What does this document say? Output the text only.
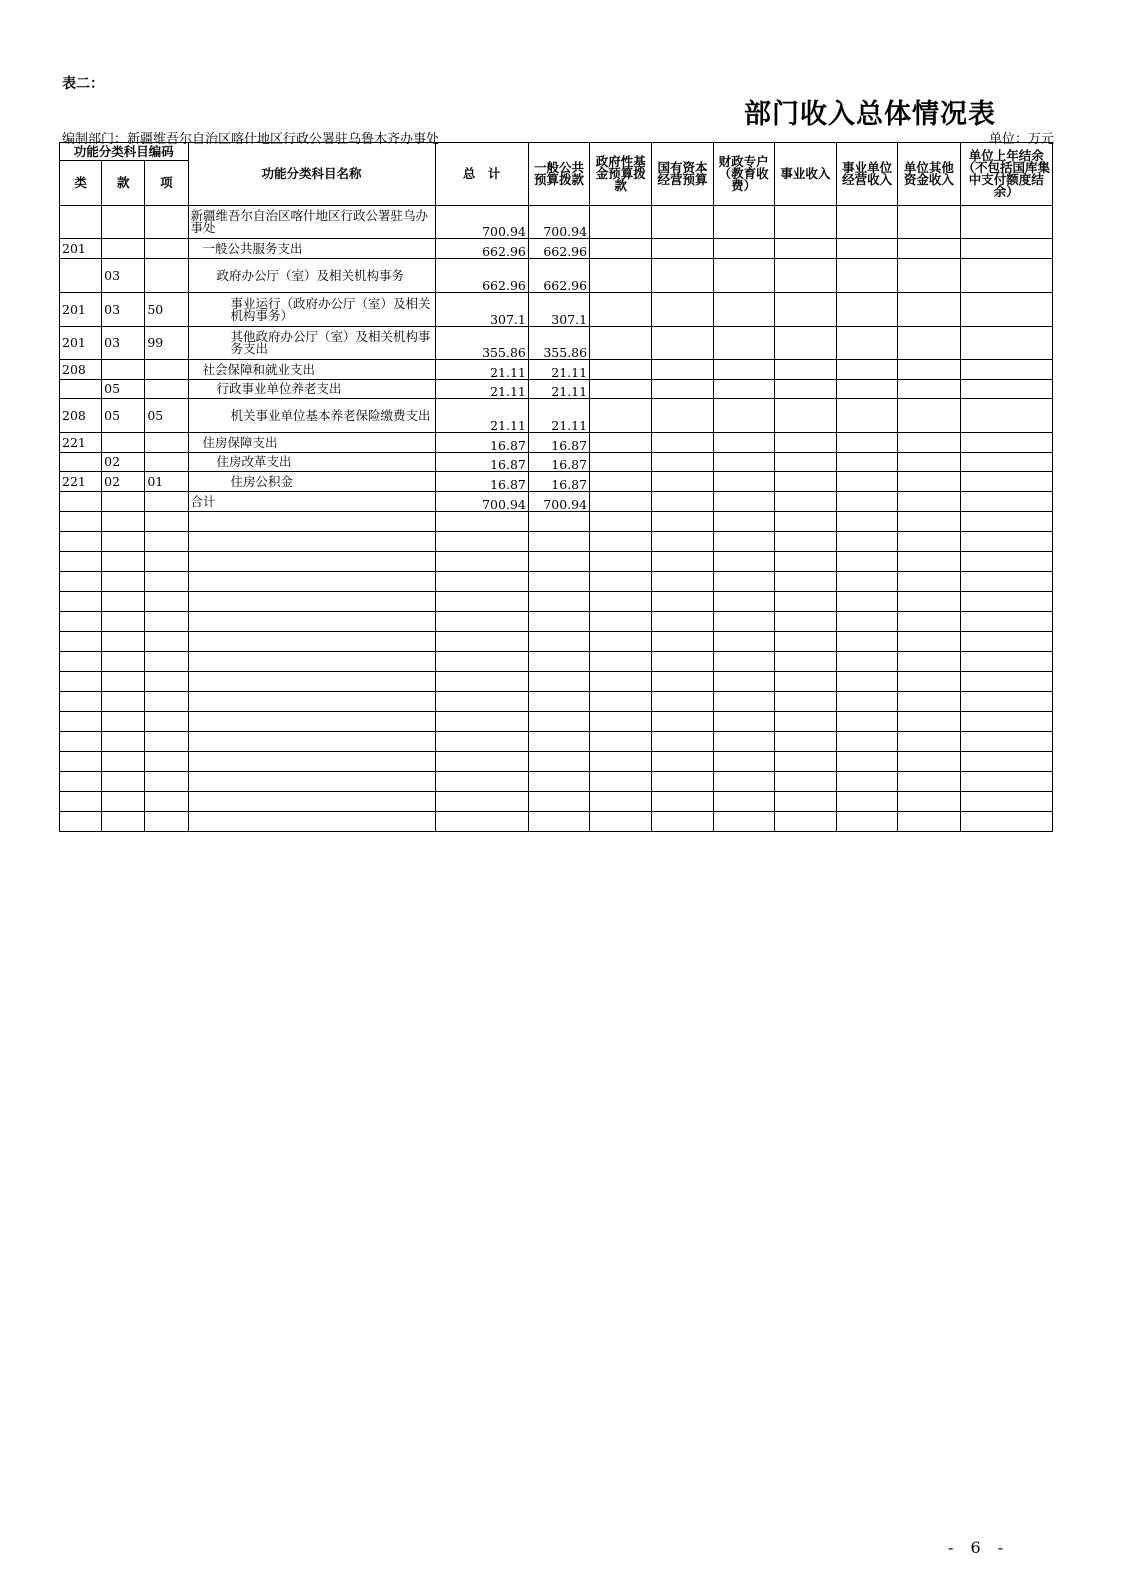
表二：
部门收入总体情况表
编制部门：新疆维吾尔自治区喀什地区行政公署驻乌鲁木齐办事处	单位：万元
功能分类科目编码			功能分类科目名称	总　计	一般公共预算拨款	政府性基金预算拨款	国有资本经营预算	财政专户（教育收费）	事业收入	事业单位经营收入	单位其他资金收入	单位上年结余（不包括国库集中支付额度结余）
类	款	项										
			新疆维吾尔自治区喀什地区行政公署驻乌办事处	700.94	700.94							
201			一般公共服务支出	662.96	662.96							
	03		政府办公厅（室）及相关机构事务	662.96	662.96							
201	03	50	事业运行（政府办公厅（室）及相关机构事务）	307.1	307.1							
201	03	99	其他政府办公厅（室）及相关机构事务支出	355.86	355.86							
208			社会保障和就业支出	21.11	21.11							
	05		行政事业单位养老支出	21.11	21.11							
208	05	05	机关事业单位基本养老保险缴费支出	21.11	21.11							
221			住房保障支出	16.87	16.87							
	02		住房改革支出	16.87	16.87							
221	02	01	住房公积金	16.87	16.87							
			合计	700.94	700.94							

- 6 -
